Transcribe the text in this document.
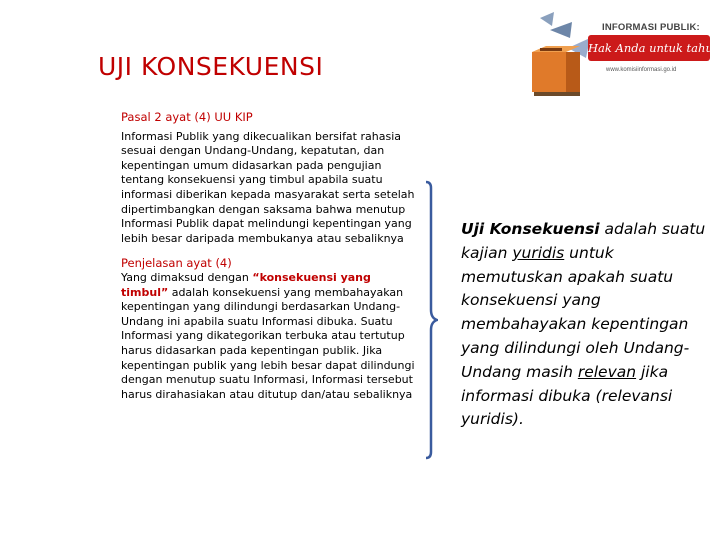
UJI KONSEKUENSI
INFORMASI PUBLIK:
Hak Anda untuk tahu!
www.komisiinformasi.go.id
Pasal 2 ayat (4) UU KIP

Informasi Publik yang dikecualikan bersifat rahasia sesuai dengan Undang-Undang, kepatutan, dan kepentingan umum didasarkan pada pengujian tentang konsekuensi yang timbul apabila suatu informasi diberikan kepada masyarakat serta setelah dipertimbangkan dengan saksama bahwa menutup Informasi Publik dapat melindungi kepentingan yang lebih besar daripada membukanya atau sebaliknya

Penjelasan ayat (4)

Yang dimaksud dengan “konsekuensi yang timbul” adalah konsekuensi yang membahayakan kepentingan yang dilindungi berdasarkan Undang-Undang ini apabila suatu Informasi dibuka. Suatu Informasi yang dikategorikan terbuka atau tertutup harus didasarkan pada kepentingan publik. Jika kepentingan publik yang lebih besar dapat dilindungi dengan menutup suatu Informasi, Informasi tersebut harus dirahasiakan atau ditutup dan/atau sebaliknya

Uji Konsekuensi adalah suatu kajian yuridis untuk memutuskan apakah suatu konsekuensi yang membahayakan kepentingan yang dilindungi oleh Undang-Undang masih relevan jika informasi dibuka (relevansi yuridis).
